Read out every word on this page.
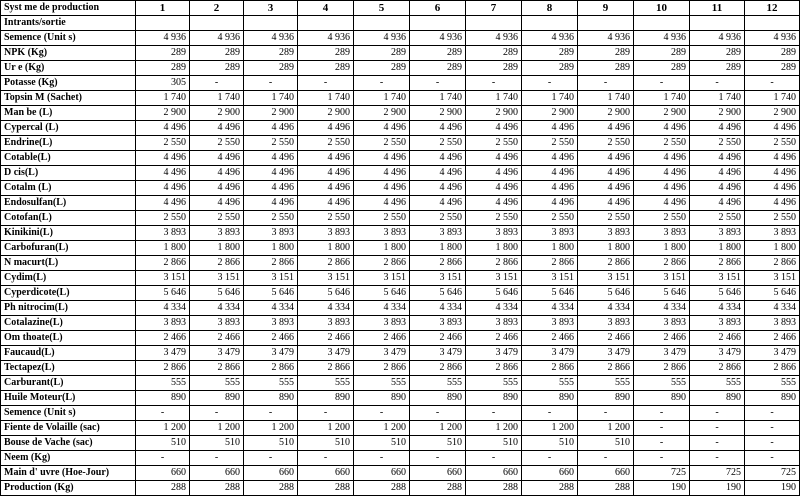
Syst me de production	1	2	3	4	5	6	7	8	9	10	11	12
Intrants/sortie												
Semence (Unit s)	4 936	4 936	4 936	4 936	4 936	4 936	4 936	4 936	4 936	4 936	4 936	4 936
NPK (Kg)	289	289	289	289	289	289	289	289	289	289	289	289
Ur e (Kg)	289	289	289	289	289	289	289	289	289	289	289	289
Potasse (Kg)	305	-	-	-	-	-	-	-	-	-	-	-
Topsin M (Sachet)	1 740	1 740	1 740	1 740	1 740	1 740	1 740	1 740	1 740	1 740	1 740	1 740
Man be (L)	2 900	2 900	2 900	2 900	2 900	2 900	2 900	2 900	2 900	2 900	2 900	2 900
Cypercal (L)	4 496	4 496	4 496	4 496	4 496	4 496	4 496	4 496	4 496	4 496	4 496	4 496
Endrine(L)	2 550	2 550	2 550	2 550	2 550	2 550	2 550	2 550	2 550	2 550	2 550	2 550
Cotable(L)	4 496	4 496	4 496	4 496	4 496	4 496	4 496	4 496	4 496	4 496	4 496	4 496
D cis(L)	4 496	4 496	4 496	4 496	4 496	4 496	4 496	4 496	4 496	4 496	4 496	4 496
Cotalm (L)	4 496	4 496	4 496	4 496	4 496	4 496	4 496	4 496	4 496	4 496	4 496	4 496
Endosulfan(L)	4 496	4 496	4 496	4 496	4 496	4 496	4 496	4 496	4 496	4 496	4 496	4 496
Cotofan(L)	2 550	2 550	2 550	2 550	2 550	2 550	2 550	2 550	2 550	2 550	2 550	2 550
Kinikini(L)	3 893	3 893	3 893	3 893	3 893	3 893	3 893	3 893	3 893	3 893	3 893	3 893
Carbofuran(L)	1 800	1 800	1 800	1 800	1 800	1 800	1 800	1 800	1 800	1 800	1 800	1 800
N macurt(L)	2 866	2 866	2 866	2 866	2 866	2 866	2 866	2 866	2 866	2 866	2 866	2 866
Cydim(L)	3 151	3 151	3 151	3 151	3 151	3 151	3 151	3 151	3 151	3 151	3 151	3 151
Cyperdicote(L)	5 646	5 646	5 646	5 646	5 646	5 646	5 646	5 646	5 646	5 646	5 646	5 646
Ph nitrocim(L)	4 334	4 334	4 334	4 334	4 334	4 334	4 334	4 334	4 334	4 334	4 334	4 334
Cotalazine(L)	3 893	3 893	3 893	3 893	3 893	3 893	3 893	3 893	3 893	3 893	3 893	3 893
Om thoate(L)	2 466	2 466	2 466	2 466	2 466	2 466	2 466	2 466	2 466	2 466	2 466	2 466
Faucaud(L)	3 479	3 479	3 479	3 479	3 479	3 479	3 479	3 479	3 479	3 479	3 479	3 479
Tectapez(L)	2 866	2 866	2 866	2 866	2 866	2 866	2 866	2 866	2 866	2 866	2 866	2 866
Carburant(L)	555	555	555	555	555	555	555	555	555	555	555	555
Huile Moteur(L)	890	890	890	890	890	890	890	890	890	890	890	890
Semence (Unit s)	-	-	-	-	-	-	-	-	-	-	-	-
Fiente de Volaille (sac)	1 200	1 200	1 200	1 200	1 200	1 200	1 200	1 200	1 200	-	-	-
Bouse de Vache (sac)	510	510	510	510	510	510	510	510	510	-	-	-
Neem (Kg)	-	-	-	-	-	-	-	-	-	-	-	-
Main d' uvre (Hoe-Jour)	660	660	660	660	660	660	660	660	660	725	725	725
Production (Kg)	288	288	288	288	288	288	288	288	288	190	190	190
